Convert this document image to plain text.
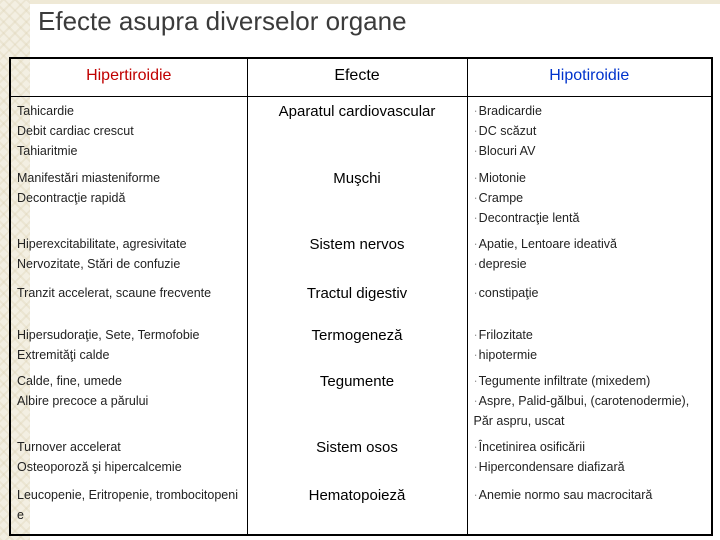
Efecte asupra diverselor organe
Hipertiroidie	Efecte	Hipotiroidie

Tahicardie
Debit cardiac crescut
Tahiaritmie	Aparatul cardiovascular	· Bradicardie
· DC scăzut
· Blocuri AV

Manifestări miasteniforme
Decontracţie rapidă	Muşchi	· Miotonie
· Crampe
· Decontracţie lentă

Hiperexcitabilitate, agresivitate
Nervozitate, Stări de confuzie	Sistem nervos	· Apatie, Lentoare ideativă
· depresie

Tranzit accelerat, scaune frecvente	Tractul digestiv	· constipaţie

Hipersudoraţie, Sete, Termofobie
Extremităţi calde	Termogeneză	· Frilozitate
· hipotermie

Calde, fine, umede
Albire precoce a părului	Tegumente	· Tegumente infiltrate (mixedem)
· Aspre, Palid-gălbui, (carotenodermie), Păr aspru, uscat

Turnover accelerat
Osteoporoză şi hipercalcemie	Sistem osos	· Încetinirea osificării
· Hipercondensare diafizară

Leucopenie, Eritropenie, trombocitopenie	Hematopoieză	· Anemie normo sau macrocitară
